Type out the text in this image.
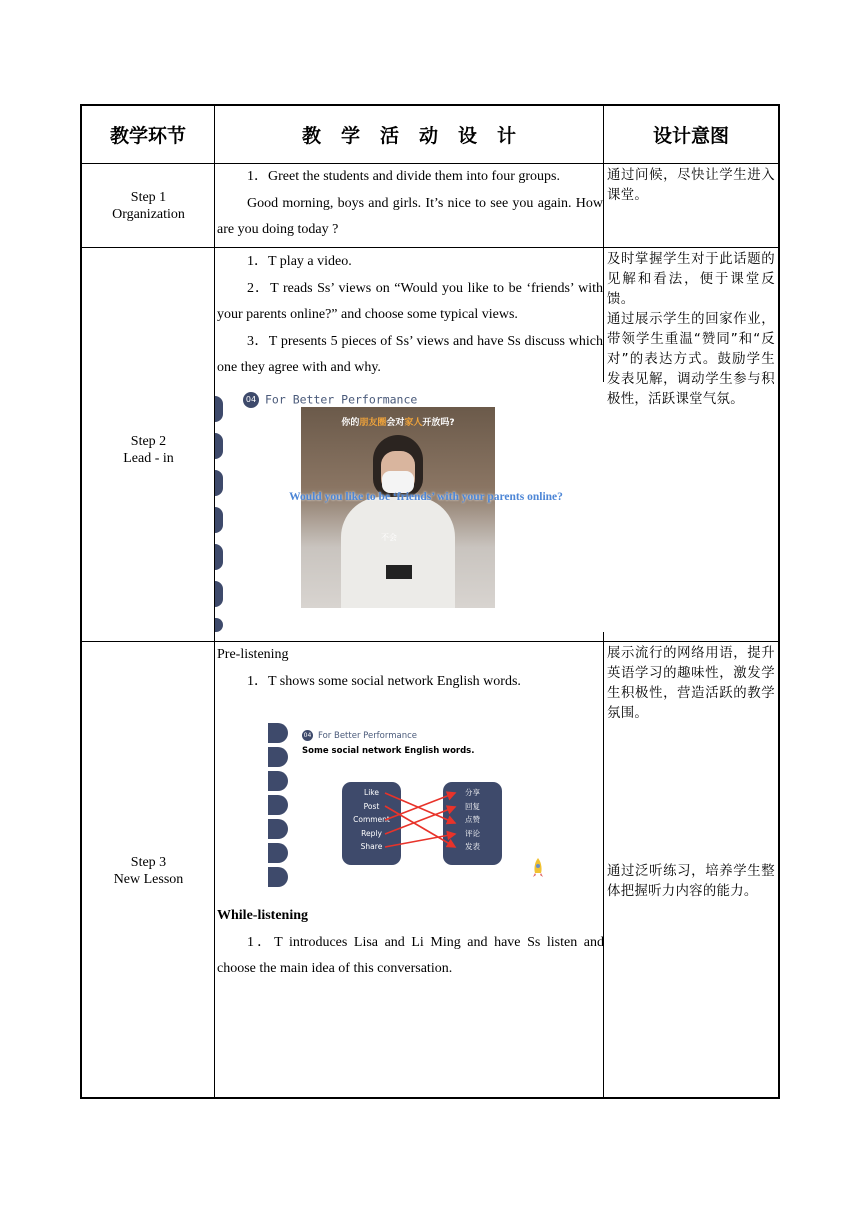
教学环节	教 学 活 动 设 计	设计意图
Step 1
Organization

1．Greet the students and divide them into four groups.

Good morning, boys and girls. It’s nice to see you again. How are you doing today ?

通过问候，尽快让学生进入课堂。

Step 2
Lead - in

1．T play a video.

2．T reads Ss’ views on “Would you like to be ‘friends’ with your parents online?” and choose some typical views.

3．T presents 5 pieces of Ss’ views and have Ss discuss which one they agree with and why.

04 For Better Performance
你的朋友圈会对家人开放吗?
不会
Would you like to be ‘friends’ with your parents online?

及时掌握学生对于此话题的见解和看法，便于课堂反馈。

通过展示学生的回家作业，带领学生重温“赞同”和“反对”的表达方式。鼓励学生发表见解，调动学生参与积极性，活跃课堂气氛。

Step 3
New Lesson

Pre-listening

1．T shows some social network English words.

04 For Better Performance
Some social network English words.
Like
Post
Comment
Reply
Share
分享
回复
点赞
评论
发表

While-listening

1．T introduces Lisa and Li Ming and have Ss listen and choose the main idea of this conversation.

展示流行的网络用语，提升英语学习的趣味性，激发学生积极性，营造活跃的教学氛围。

通过泛听练习，培养学生整体把握听力内容的能力。
